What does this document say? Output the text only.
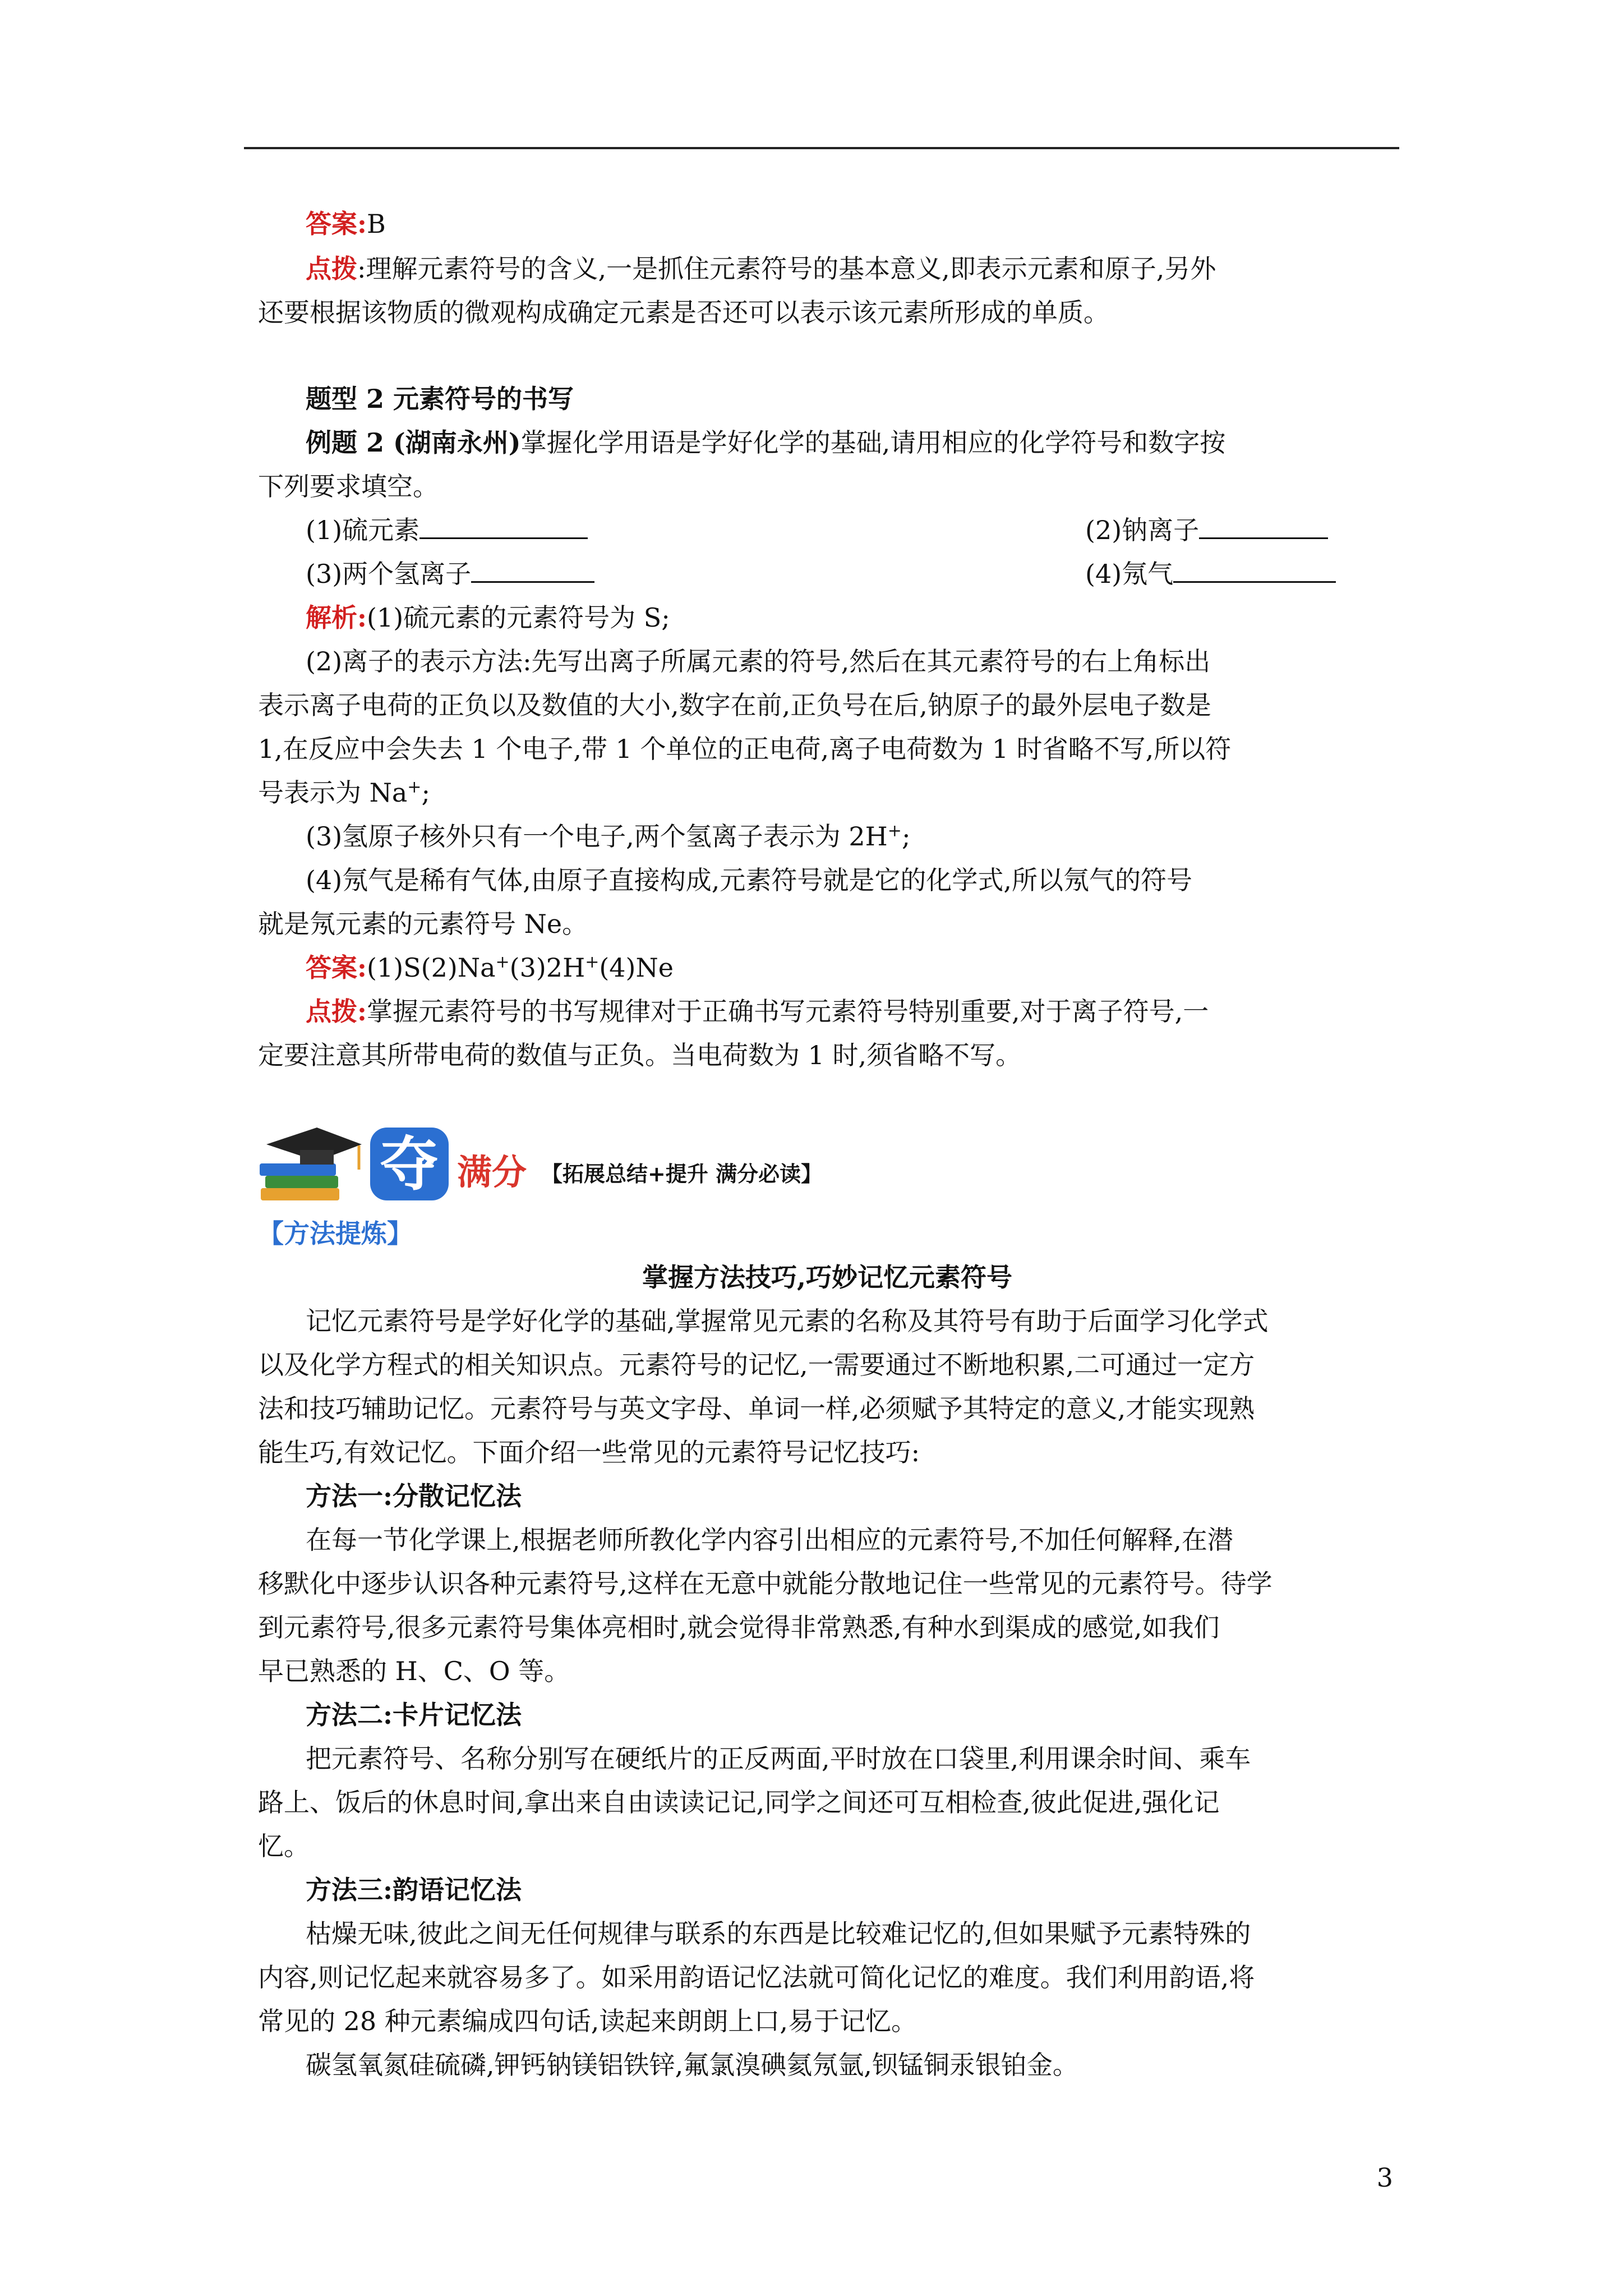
答案:B
点拨:理解元素符号的含义,一是抓住元素符号的基本意义,即表示元素和原子,另外
还要根据该物质的微观构成确定元素是否还可以表示该元素所形成的单质。
题型 2 元素符号的书写
例题 2 (湖南永州)掌握化学用语是学好化学的基础,请用相应的化学符号和数字按
下列要求填空。
(1)硫元素	(2)钠离子
(3)两个氢离子	(4)氖气
解析:(1)硫元素的元素符号为 S;
(2)离子的表示方法:先写出离子所属元素的符号,然后在其元素符号的右上角标出
表示离子电荷的正负以及数值的大小,数字在前,正负号在后,钠原子的最外层电子数是
1,在反应中会失去 1 个电子,带 1 个单位的正电荷,离子电荷数为 1 时省略不写,所以符
号表示为 Na+;
(3)氢原子核外只有一个电子,两个氢离子表示为 2H+;
(4)氖气是稀有气体,由原子直接构成,元素符号就是它的化学式,所以氖气的符号
就是氖元素的元素符号 Ne。
答案:(1)S(2)Na+(3)2H+(4)Ne
点拨:掌握元素符号的书写规律对于正确书写元素符号特别重要,对于离子符号,一
定要注意其所带电荷的数值与正负。当电荷数为 1 时,须省略不写。
夺 满分 【拓展总结+提升 满分必读】
【方法提炼】
掌握方法技巧,巧妙记忆元素符号
记忆元素符号是学好化学的基础,掌握常见元素的名称及其符号有助于后面学习化学式
以及化学方程式的相关知识点。元素符号的记忆,一需要通过不断地积累,二可通过一定方
法和技巧辅助记忆。元素符号与英文字母、单词一样,必须赋予其特定的意义,才能实现熟
能生巧,有效记忆。下面介绍一些常见的元素符号记忆技巧:
方法一:分散记忆法
在每一节化学课上,根据老师所教化学内容引出相应的元素符号,不加任何解释,在潜
移默化中逐步认识各种元素符号,这样在无意中就能分散地记住一些常见的元素符号。待学
到元素符号,很多元素符号集体亮相时,就会觉得非常熟悉,有种水到渠成的感觉,如我们
早已熟悉的 H、C、O 等。
方法二:卡片记忆法
把元素符号、名称分别写在硬纸片的正反两面,平时放在口袋里,利用课余时间、乘车
路上、饭后的休息时间,拿出来自由读读记记,同学之间还可互相检查,彼此促进,强化记
忆。
方法三:韵语记忆法
枯燥无味,彼此之间无任何规律与联系的东西是比较难记忆的,但如果赋予元素特殊的
内容,则记忆起来就容易多了。如采用韵语记忆法就可简化记忆的难度。我们利用韵语,将
常见的 28 种元素编成四句话,读起来朗朗上口,易于记忆。
碳氢氧氮硅硫磷,钾钙钠镁铝铁锌,氟氯溴碘氦氖氩,钡锰铜汞银铂金。
3
